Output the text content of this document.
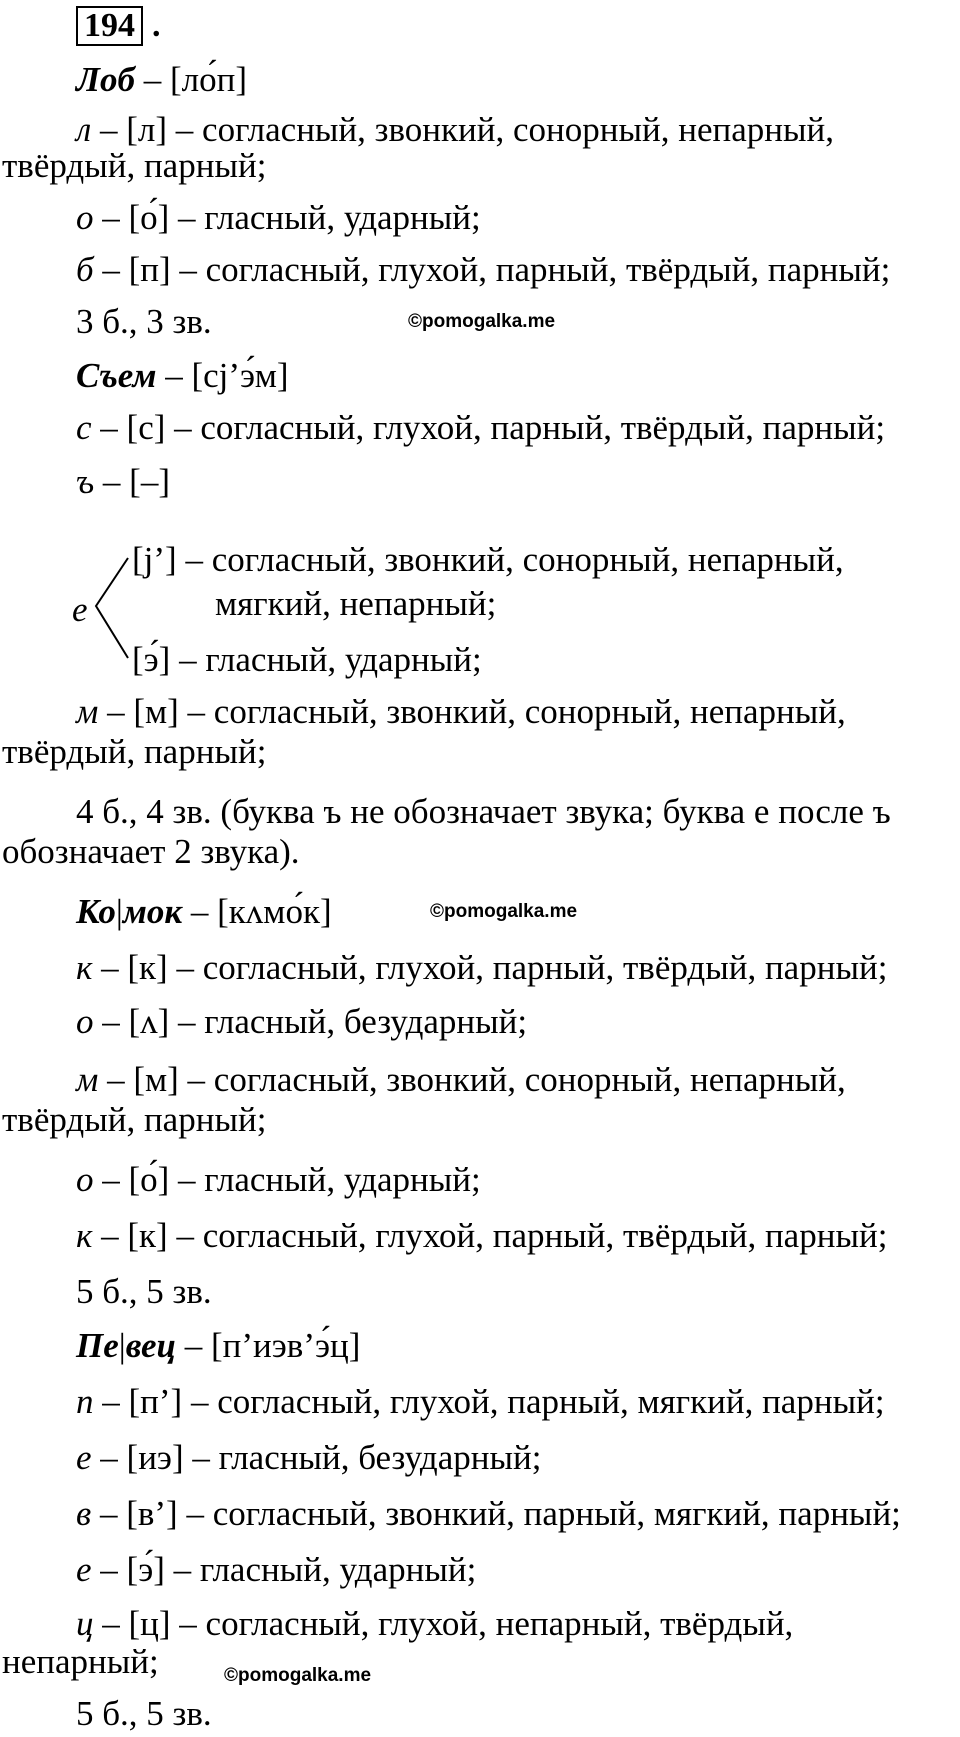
194 .
Лоб – [ло́п]
л – [л] – согласный, звонкий, сонорный, непарный,
твёрдый, парный;
о – [о́] – гласный, ударный;
б – [п] – согласный, глухой, парный, твёрдый, парный;
3 б., 3 зв.	©pomogalka.me
Съем – [сj’э́м]
с – [с] – согласный, глухой, парный, твёрдый, парный;
ъ – [–]
е
[j’] – согласный, звонкий, сонорный, непарный,
мягкий, непарный;
[э́] – гласный, ударный;
м – [м] – согласный, звонкий, сонорный, непарный,
твёрдый, парный;
4 б., 4 зв. (буква ъ не обозначает звука; буква е после ъ
обозначает 2 звука).
Ко|мок – [кʌмо́к]	©pomogalka.me
к – [к] – согласный, глухой, парный, твёрдый, парный;
о – [ʌ] – гласный, безударный;
м – [м] – согласный, звонкий, сонорный, непарный,
твёрдый, парный;
о – [о́] – гласный, ударный;
к – [к] – согласный, глухой, парный, твёрдый, парный;
5 б., 5 зв.
Пе|вец – [п’иэв’э́ц]
п – [п’] – согласный, глухой, парный, мягкий, парный;
е – [иэ] – гласный, безударный;
в – [в’] – согласный, звонкий, парный, мягкий, парный;
е – [э́] – гласный, ударный;
ц – [ц] – согласный, глухой, непарный, твёрдый,
непарный;	©pomogalka.me
5 б., 5 зв.
